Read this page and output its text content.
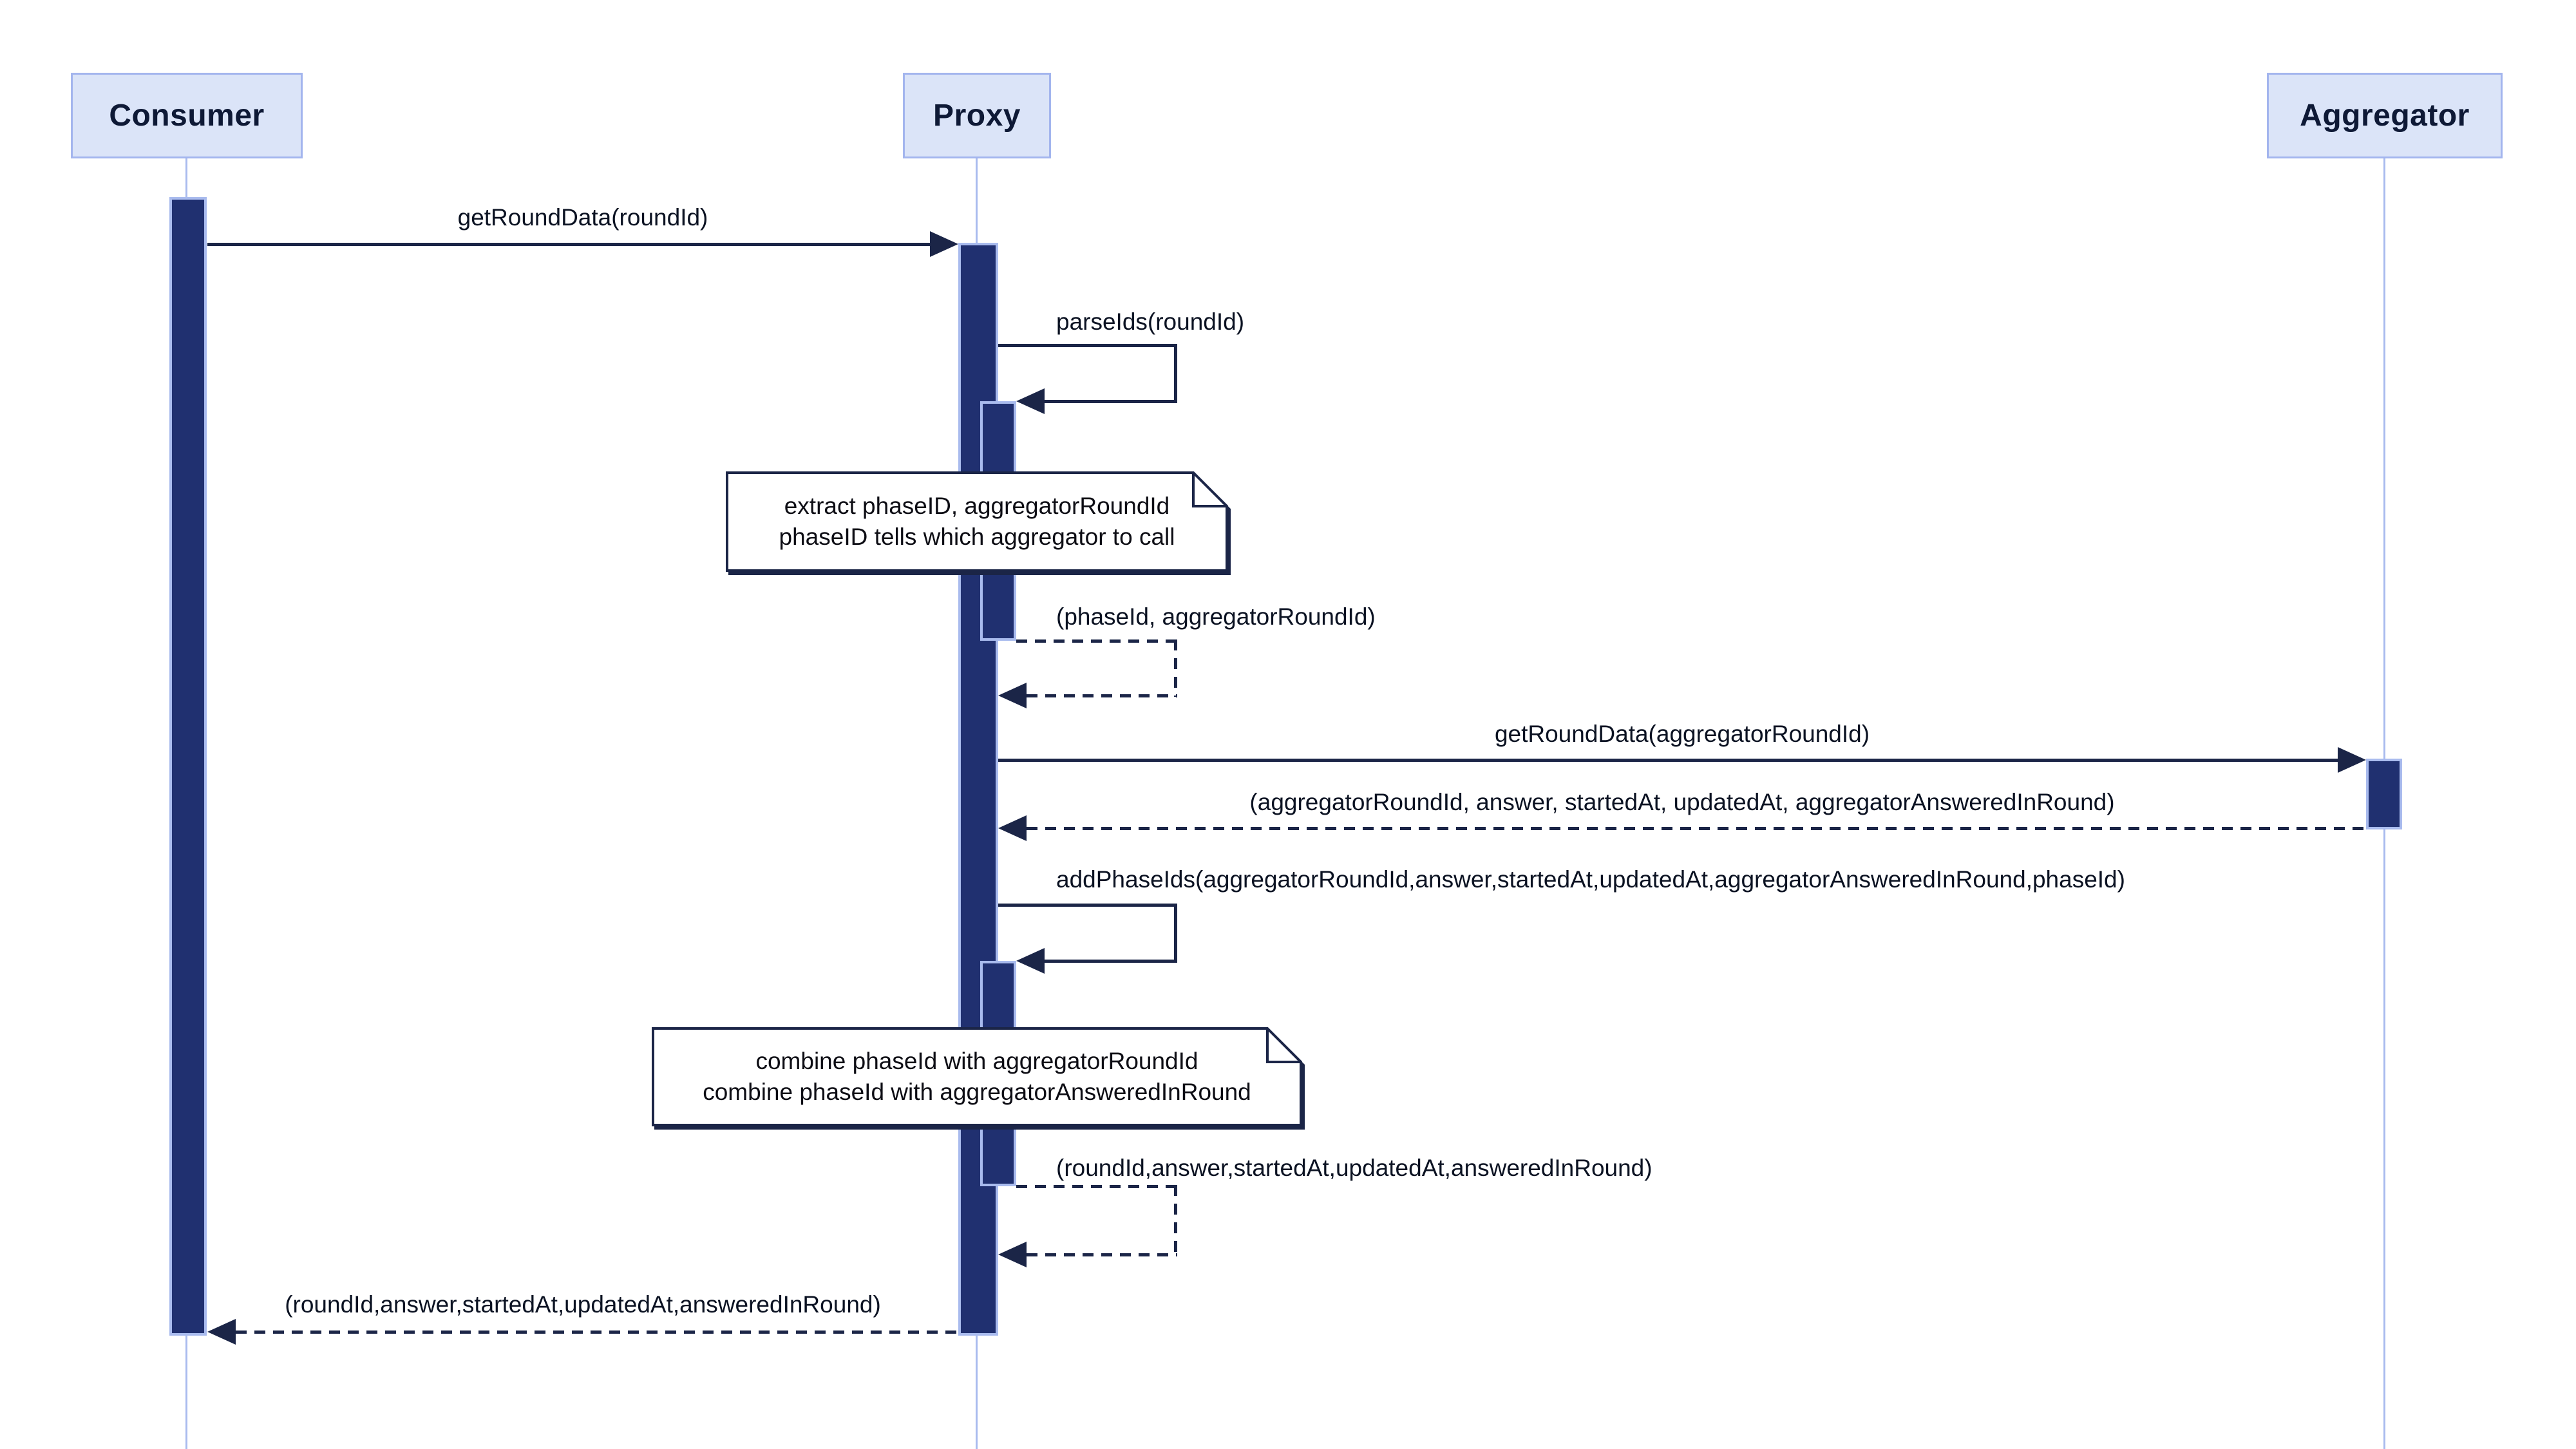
Consumer	Proxy	Aggregator
getRoundData(roundId)
parseIds(roundId)
extract phaseID, aggregatorRoundId
phaseID tells which aggregator to call
(phaseId, aggregatorRoundId)
getRoundData(aggregatorRoundId)
(aggregatorRoundId, answer, startedAt, updatedAt, aggregatorAnsweredInRound)
addPhaseIds(aggregatorRoundId,answer,startedAt,updatedAt,aggregatorAnsweredInRound,phaseId)
combine phaseId with aggregatorRoundId
combine phaseId with aggregatorAnsweredInRound
(roundId,answer,startedAt,updatedAt,answeredInRound)
(roundId,answer,startedAt,updatedAt,answeredInRound)
